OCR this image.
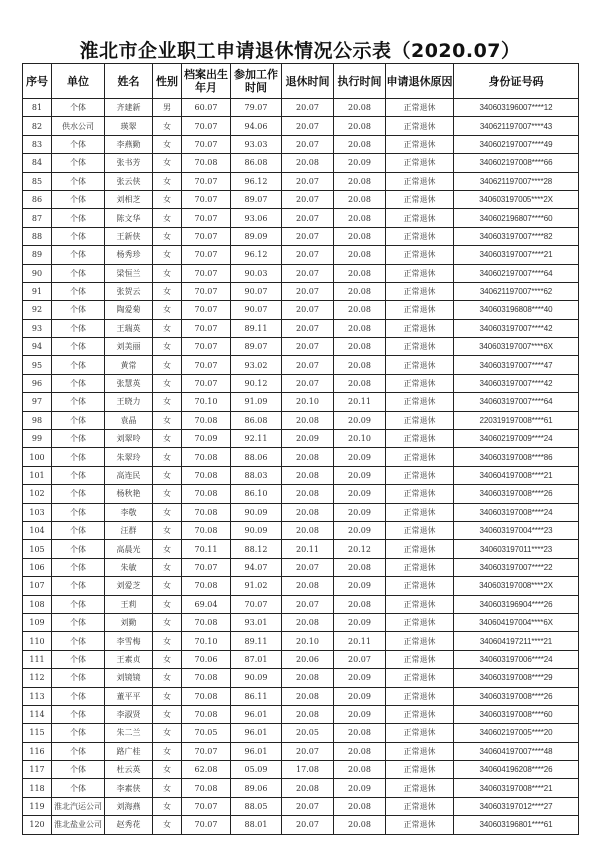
淮北市企业职工申请退休情况公示表（2020.07）
序号	单位	姓名	性别	档案出生年月	参加工作时间	退休时间	执行时间	申请退休原因	身份证号码
81	个体	齐建新	男	60.07	79.07	20.07	20.08	正常退休	340603196007****12
82	供水公司	瑛翠	女	70.07	94.06	20.07	20.08	正常退休	340621197007****43
83	个体	李燕勤	女	70.07	93.03	20.07	20.08	正常退休	340602197007****49
84	个体	张书芳	女	70.08	86.08	20.08	20.09	正常退休	340602197008****66
85	个体	张云侠	女	70.07	96.12	20.07	20.08	正常退休	340621197007****28
86	个体	刘相芝	女	70.07	89.07	20.07	20.08	正常退休	340603197005****2X
87	个体	陈文华	女	70.07	93.06	20.07	20.08	正常退休	340602196807****60
88	个体	王新侠	女	70.07	89.09	20.07	20.08	正常退休	340603197007****82
89	个体	杨秀珍	女	70.07	96.12	20.07	20.08	正常退休	340603197007****21
90	个体	梁恒兰	女	70.07	90.03	20.07	20.08	正常退休	340602197007****64
91	个体	张贺云	女	70.07	90.07	20.07	20.08	正常退休	340621197007****62
92	个体	陶爱菊	女	70.07	90.07	20.07	20.08	正常退休	340603196808****40
93	个体	王瑞英	女	70.07	89.11	20.07	20.08	正常退休	340603197007****42
94	个体	刘美丽	女	70.07	89.07	20.07	20.08	正常退休	340603197007****6X
95	个体	黄常	女	70.07	93.02	20.07	20.08	正常退休	340603197007****47
96	个体	张慧英	女	70.07	90.12	20.07	20.08	正常退休	340603197007****42
97	个体	王晓力	女	70.10	91.09	20.10	20.11	正常退休	340603197007****64
98	个体	袁晶	女	70.08	86.08	20.08	20.09	正常退休	220319197008****61
99	个体	刘翠呤	女	70.09	92.11	20.09	20.10	正常退休	340602197009****24
100	个体	朱翠玲	女	70.08	88.06	20.08	20.09	正常退休	340603197008****86
101	个体	高连民	女	70.08	88.03	20.08	20.09	正常退休	340604197008****21
102	个体	杨秋艳	女	70.08	86.10	20.08	20.09	正常退休	340603197008****26
103	个体	李敬	女	70.08	90.09	20.08	20.09	正常退休	340603197008****24
104	个体	汪群	女	70.08	90.09	20.08	20.09	正常退休	340603197004****23
105	个体	高晨光	女	70.11	88.12	20.11	20.12	正常退休	340603197011****23
106	个体	朱敏	女	70.07	94.07	20.07	20.08	正常退休	340603197007****22
107	个体	刘爱芝	女	70.08	91.02	20.08	20.09	正常退休	340603197008****2X
108	个体	王莉	女	69.04	70.07	20.07	20.08	正常退休	340603196904****26
109	个体	刘勤	女	70.08	93.01	20.08	20.09	正常退休	340604197004****6X
110	个体	李雪梅	女	70.10	89.11	20.10	20.11	正常退休	340604197211****21
111	个体	王素贞	女	70.06	87.01	20.06	20.07	正常退休	340603197006****24
112	个体	刘镜镜	女	70.08	90.09	20.08	20.09	正常退休	340603197008****29
113	个体	董平平	女	70.08	86.11	20.08	20.09	正常退休	340603197008****26
114	个体	李淑贤	女	70.08	96.01	20.08	20.09	正常退休	340603197008****60
115	个体	朱二兰	女	70.05	96.01	20.05	20.08	正常退休	340602197005****20
116	个体	路广桂	女	70.07	96.01	20.07	20.08	正常退休	340604197007****48
117	个体	杜云英	女	62.08	05.09	17.08	20.08	正常退休	340604196208****26
118	个体	李素侠	女	70.08	89.06	20.08	20.09	正常退休	340603197008****21
119	淮北汽运公司	刘海燕	女	70.07	88.05	20.07	20.08	正常退休	340603197012****27
120	淮北盐业公司	赵秀花	女	70.07	88.01	20.07	20.08	正常退休	340603196801****61
